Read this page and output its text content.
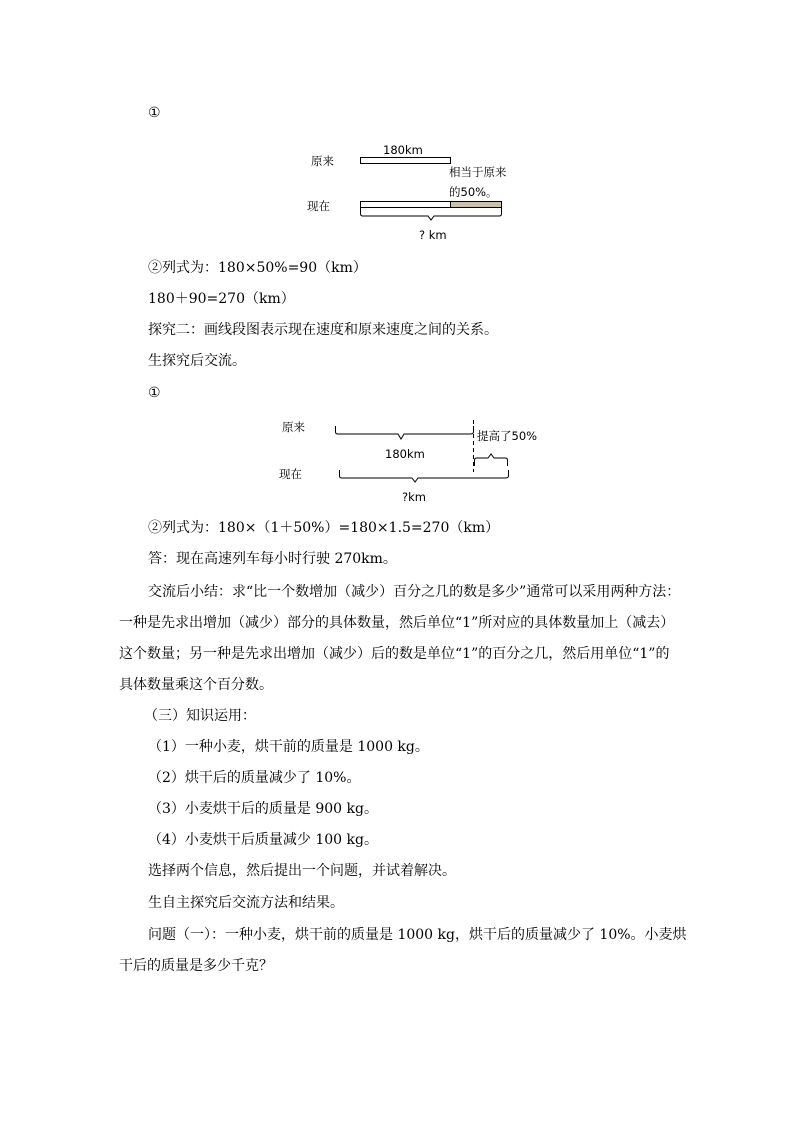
①
原来
现在
180km
相当于原来
的50%。
? km
②列式为：180×50%=90（km）
180＋90=270（km）
探究二：画线段图表示现在速度和原来速度之间的关系。
生探究后交流。
①
原来
现在
180km
提高了50%
?km
②列式为：180×（1＋50%）=180×1.5=270（km）
答：现在高速列车每小时行驶 270km。
交流后小结：求“比一个数增加（减少）百分之几的数是多少”通常可以采用两种方法：
一种是先求出增加（减少）部分的具体数量，然后单位“1”所对应的具体数量加上（减去）
这个数量；另一种是先求出增加（减少）后的数是单位“1”的百分之几，然后用单位“1”的
具体数量乘这个百分数。
（三）知识运用：
（1）一种小麦，烘干前的质量是 1000 kg。
（2）烘干后的质量减少了 10%。
（3）小麦烘干后的质量是 900 kg。
（4）小麦烘干后质量减少 100 kg。
选择两个信息，然后提出一个问题，并试着解决。
生自主探究后交流方法和结果。
问题（一）：一种小麦，烘干前的质量是 1000 kg，烘干后的质量减少了 10%。小麦烘
干后的质量是多少千克？
